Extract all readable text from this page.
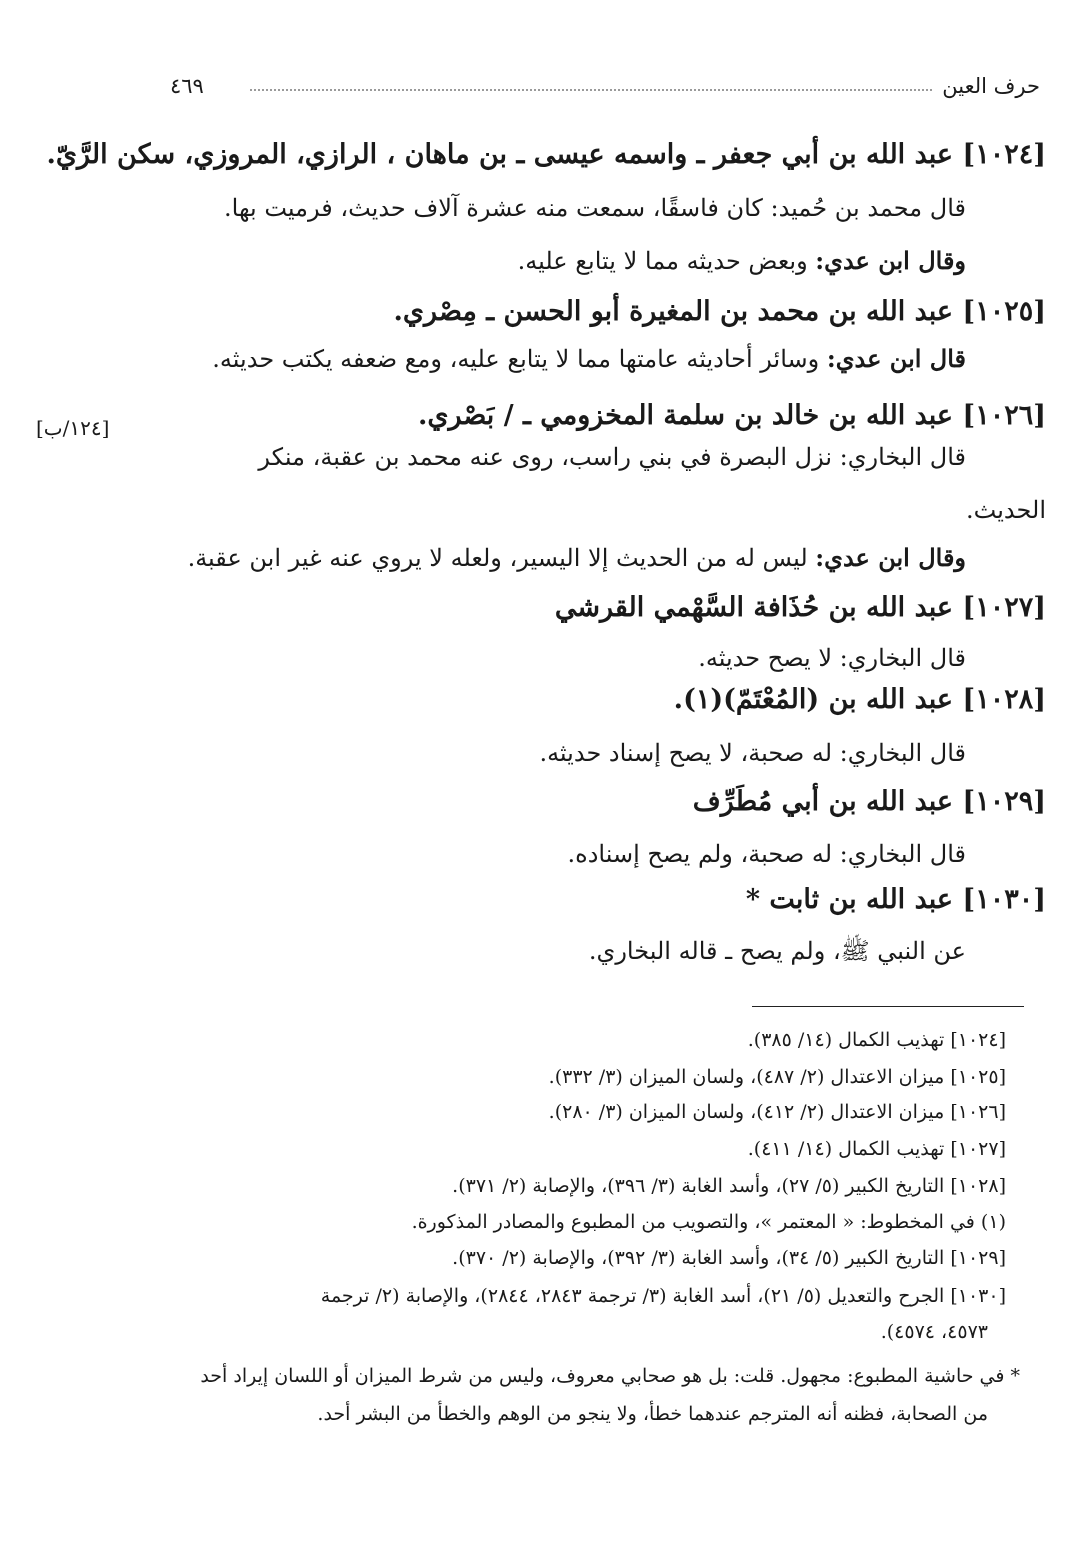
حرف العين
٤٦٩
[١٠٢٤] عبد الله بن أبي جعفر ـ واسمه عيسى ـ بن ماهان ، الرازي، المروزي، سكن الرَّيّ.
قال محمد بن حُميد: كان فاسقًا، سمعت منه عشرة آلاف حديث، فرميت بها.
وقال ابن عدي: وبعض حديثه مما لا يتابع عليه.
[١٠٢٥] عبد الله بن محمد بن المغيرة أبو الحسن ـ مِصْري.
قال ابن عدي: وسائر أحاديثه عامتها مما لا يتابع عليه، ومع ضعفه يكتب حديثه.
[١٢٤/ب]	[١٠٢٦] عبد الله بن خالد بن سلمة المخزومي ـ / بَصْري.
قال البخاري: نزل البصرة في بني راسب، روى عنه محمد بن عقبة، منكر
الحديث.
وقال ابن عدي: ليس له من الحديث إلا اليسير، ولعله لا يروي عنه غير ابن عقبة.
[١٠٢٧] عبد الله بن حُذَافة السَّهْمي القرشي
قال البخاري: لا يصح حديثه.
[١٠٢٨] عبد الله بن (المُعْتَمّ)(١).
قال البخاري: له صحبة، لا يصح إسناد حديثه.
[١٠٢٩] عبد الله بن أبي مُطَرِّف
قال البخاري: له صحبة، ولم يصح إسناده.
[١٠٣٠] عبد الله بن ثابت *
عن النبي ﷺ، ولم يصح ـ قاله البخاري.
[١٠٢٤] تهذيب الكمال (١٤/ ٣٨٥).
[١٠٢٥] ميزان الاعتدال (٢/ ٤٨٧)، ولسان الميزان (٣/ ٣٣٢).
[١٠٢٦] ميزان الاعتدال (٢/ ٤١٢)، ولسان الميزان (٣/ ٢٨٠).
[١٠٢٧] تهذيب الكمال (١٤/ ٤١١).
[١٠٢٨] التاريخ الكبير (٥/ ٢٧)، وأسد الغابة (٣/ ٣٩٦)، والإصابة (٢/ ٣٧١).
(١) في المخطوط: « المعتمر »، والتصويب من المطبوع والمصادر المذكورة.
[١٠٢٩] التاريخ الكبير (٥/ ٣٤)، وأسد الغابة (٣/ ٣٩٢)، والإصابة (٢/ ٣٧٠).
[١٠٣٠] الجرح والتعديل (٥/ ٢١)، أسد الغابة (٣/ ترجمة ٢٨٤٣، ٢٨٤٤)، والإصابة (٢/ ترجمة
٤٥٧٣، ٤٥٧٤).
* في حاشية المطبوع: مجهول. قلت: بل هو صحابي معروف، وليس من شرط الميزان أو اللسان إيراد أحد
من الصحابة، فظنه أنه المترجم عندهما خطأ، ولا ينجو من الوهم والخطأ من البشر أحد.
